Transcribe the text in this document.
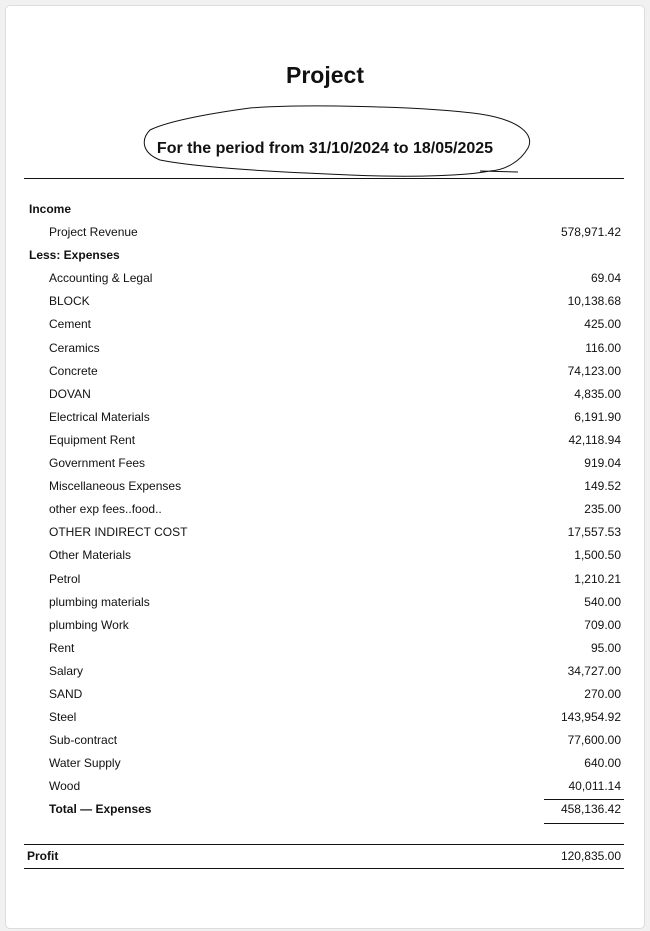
Project
For the period from 31/10/2024 to 18/05/2025
Income
Project Revenue	578,971.42
Less: Expenses
Accounting & Legal	69.04
BLOCK	10,138.68
Cement	425.00
Ceramics	116.00
Concrete	74,123.00
DOVAN	4,835.00
Electrical Materials	6,191.90
Equipment Rent	42,118.94
Government Fees	919.04
Miscellaneous Expenses	149.52
other exp fees..food..	235.00
OTHER INDIRECT COST	17,557.53
Other Materials	1,500.50
Petrol	1,210.21
plumbing materials	540.00
plumbing Work	709.00
Rent	95.00
Salary	34,727.00
SAND	270.00
Steel	143,954.92
Sub-contract	77,600.00
Water Supply	640.00
Wood	40,011.14
Total — Expenses	458,136.42
Profit	120,835.00
